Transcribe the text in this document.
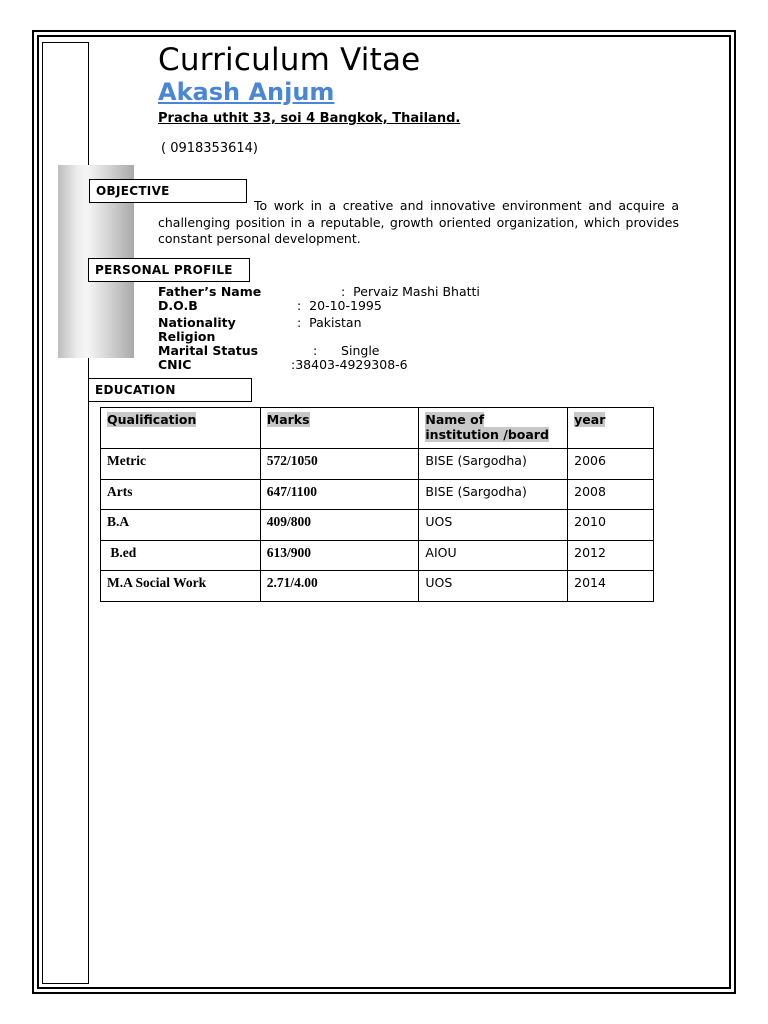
Curriculum Vitae
Akash Anjum
Pracha uthit 33, soi 4 Bangkok, Thailand.
( 0918353614)
OBJECTIVE
To work in a creative and innovative environment and acquire a challenging position in a reputable, growth oriented organization, which provides constant personal development.
PERSONAL PROFILE
Father’s Name	:  Pervaiz Mashi Bhatti
D.O.B	:  20-10-1995
Nationality	:  Pakistan
Religion
Marital Status	:      Single
CNIC	:38403-4929308-6
EDUCATION
Qualification	Marks	Name of institution /board	year
Metric	572/1050	BISE (Sargodha)	2006
Arts	647/1100	BISE (Sargodha)	2008
B.A	409/800	UOS	2010
B.ed	613/900	AIOU	2012
M.A Social Work	2.71/4.00	UOS	2014
